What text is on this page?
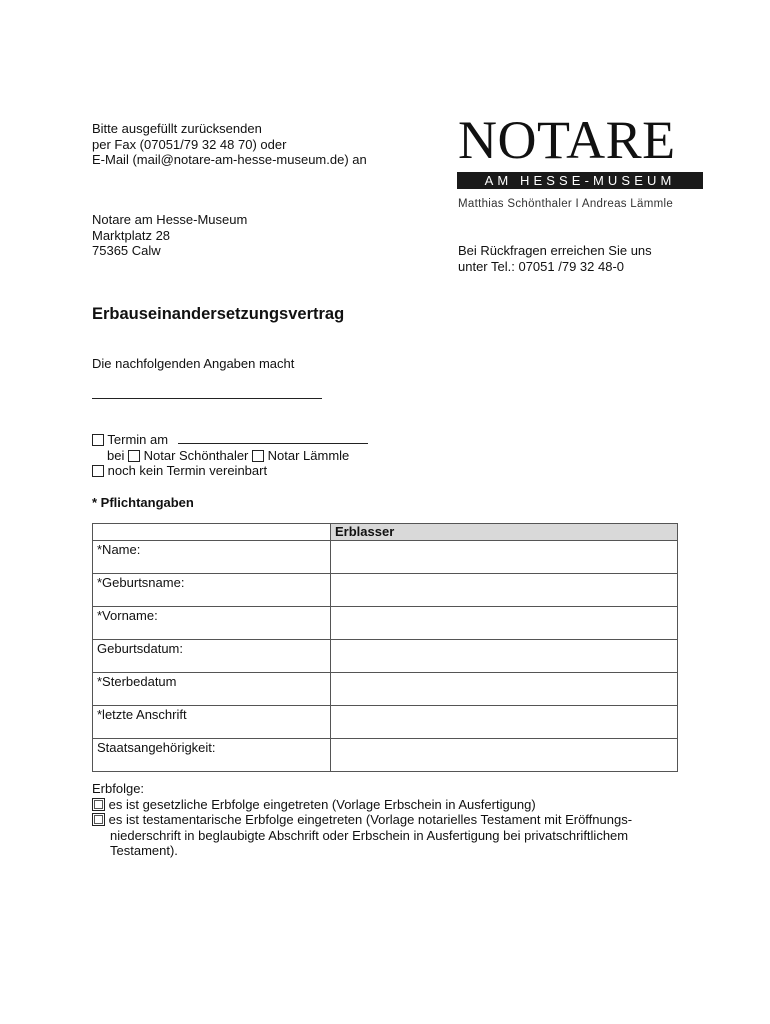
Bitte ausgefüllt zurücksenden
per Fax (07051/79 32 48 70) oder
E-Mail (mail@notare-am-hesse-museum.de) an NOTARE
AM HESSE-MUSEUM
Matthias Schönthaler I Andreas Lämmle
Notare am Hesse-Museum
Marktplatz 28
75365 Calw	Bei Rückfragen erreichen Sie uns
unter Tel.: 07051 /79 32 48-0
Erbauseinandersetzungsvertrag
Die nachfolgenden Angaben macht
Termin am
bei Notar Schönthaler Notar Lämmle
noch kein Termin vereinbart
* Pflichtangaben
	Erblasser
*Name:	
*Geburtsname:	
*Vorname:	
Geburtsdatum:	
*Sterbedatum	
*letzte Anschrift	
Staatsangehörigkeit:	
Erbfolge:
es ist gesetzliche Erbfolge eingetreten (Vorlage Erbschein in Ausfertigung)
es ist testamentarische Erbfolge eingetreten (Vorlage notarielles Testament mit Eröffnungs-
niederschrift in beglaubigte Abschrift oder Erbschein in Ausfertigung bei privatschriftlichem
Testament).
